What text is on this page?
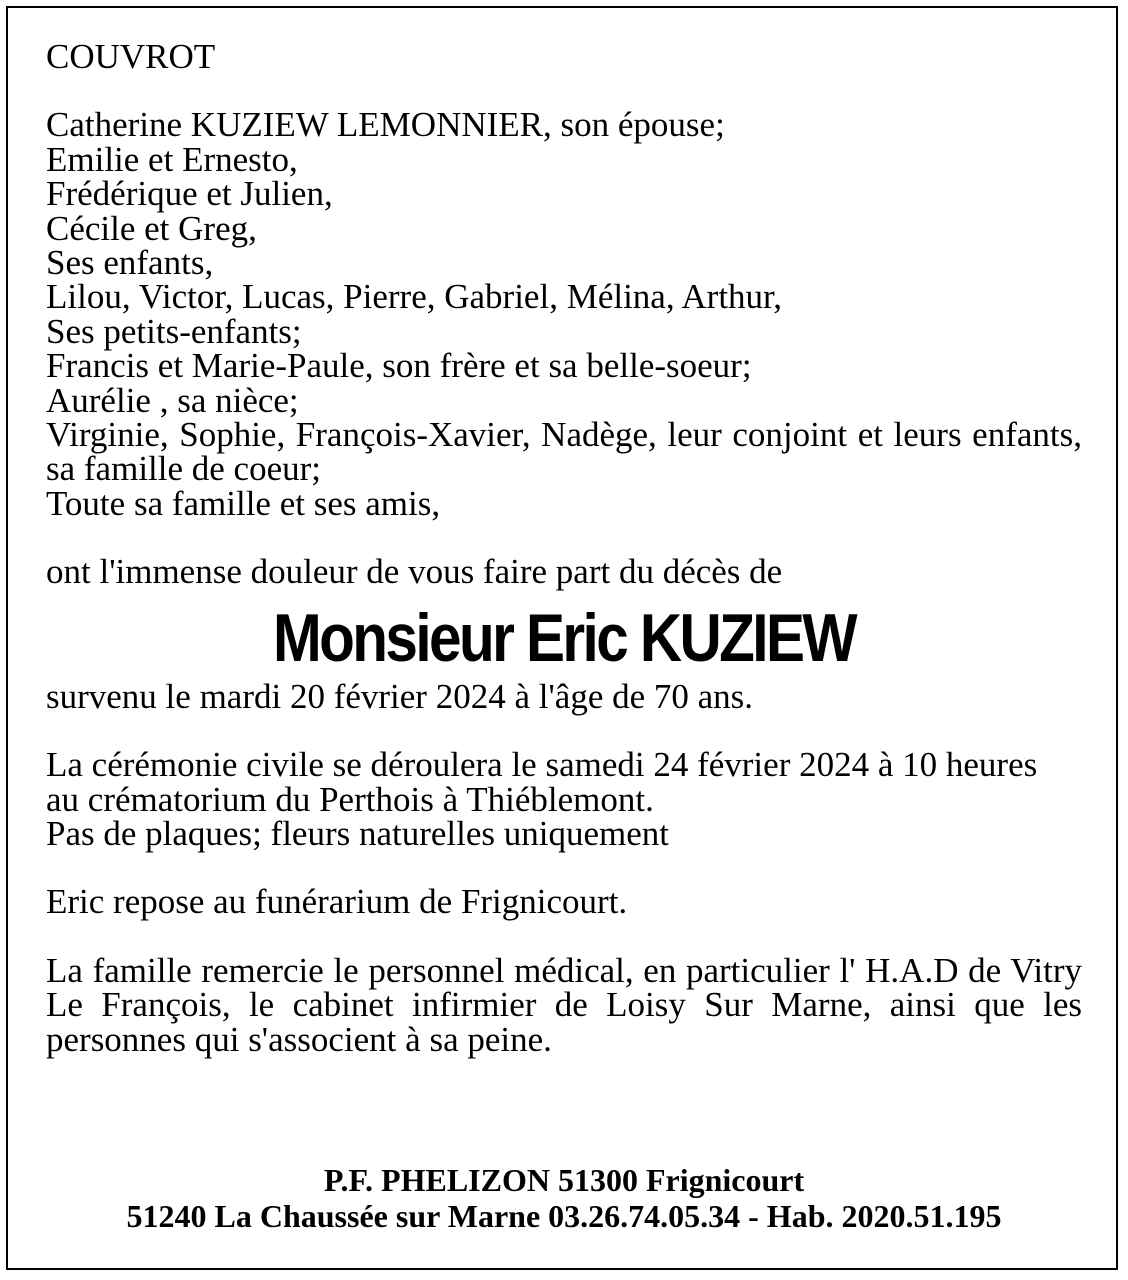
COUVROT
Catherine KUZIEW LEMONNIER, son épouse;
Emilie et Ernesto,
Frédérique et Julien,
Cécile et Greg,
Ses enfants,
Lilou, Victor, Lucas, Pierre, Gabriel, Mélina, Arthur,
Ses petits-enfants;
Francis et Marie-Paule, son frère et sa belle-soeur;
Aurélie , sa nièce;
Virginie, Sophie, François-Xavier, Nadège, leur conjoint et leurs enfants, sa famille de coeur;
Toute sa famille et ses amis,
ont l'immense douleur de vous faire part du décès de
Monsieur Eric KUZIEW
survenu le mardi 20 février 2024 à l'âge de 70 ans.
La cérémonie civile se déroulera le samedi 24 février 2024 à 10 heures
au crématorium du Perthois à Thiéblemont.
Pas de plaques; fleurs naturelles uniquement
Eric repose au funérarium de Frignicourt.
La famille remercie le personnel médical, en particulier l' H.A.D de Vitry Le François, le cabinet infirmier de Loisy Sur Marne, ainsi que les personnes qui s'associent à sa peine.
P.F. PHELIZON 51300 Frignicourt
51240 La Chaussée sur Marne 03.26.74.05.34 - Hab. 2020.51.195
